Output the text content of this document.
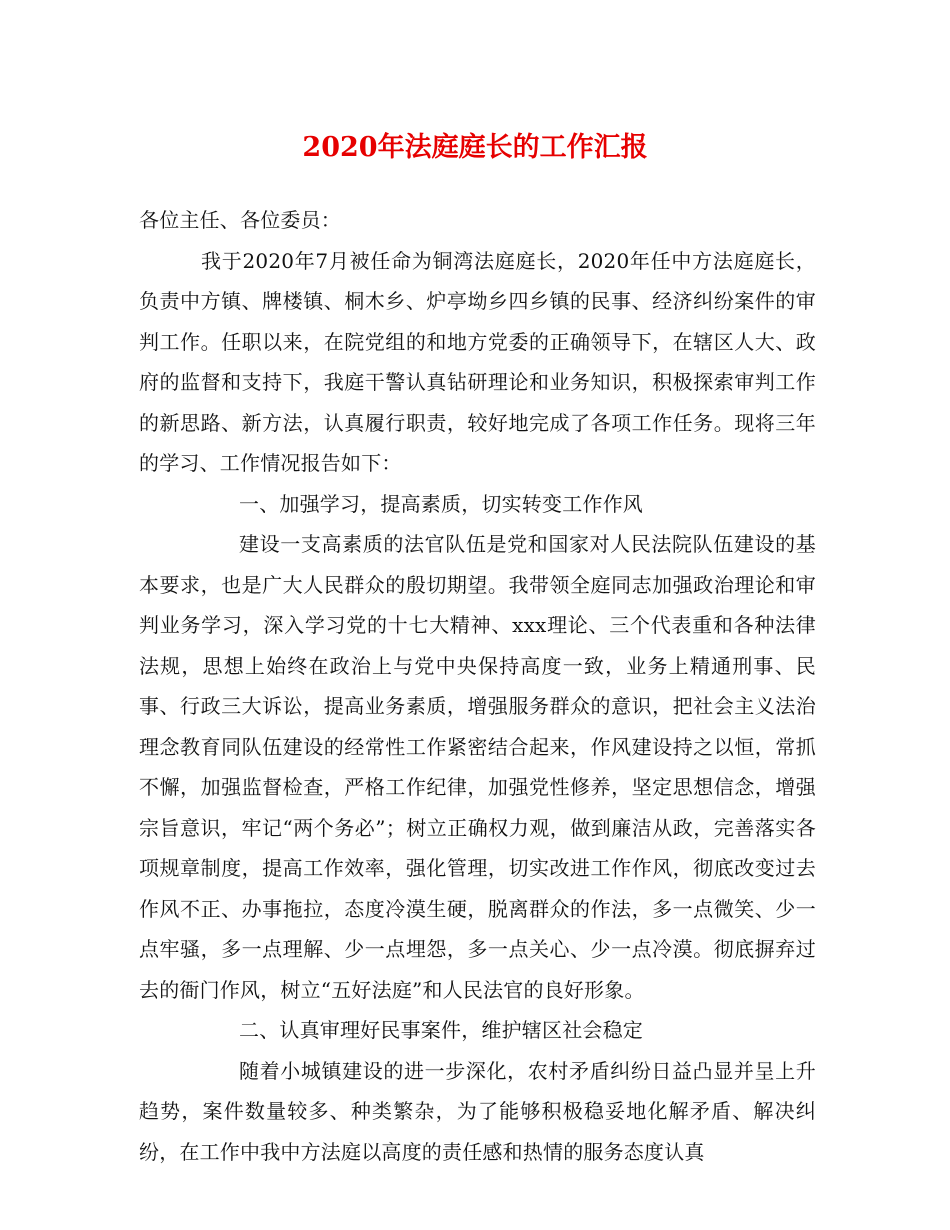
2020年法庭庭长的工作汇报

各位主任、各位委员：

我于2020年7月被任命为铜湾法庭庭长，2020年任中方法庭庭长，负责中方镇、牌楼镇、桐木乡、炉亭坳乡四乡镇的民事、经济纠纷案件的审判工作。任职以来，在院党组的和地方党委的正确领导下，在辖区人大、政府的监督和支持下，我庭干警认真钻研理论和业务知识，积极探索审判工作的新思路、新方法，认真履行职责，较好地完成了各项工作任务。现将三年的学习、工作情况报告如下：

一、加强学习，提高素质，切实转变工作作风

建设一支高素质的法官队伍是党和国家对人民法院队伍建设的基本要求，也是广大人民群众的殷切期望。我带领全庭同志加强政治理论和审判业务学习，深入学习党的十七大精神、xxx理论、三个代表重和各种法律法规，思想上始终在政治上与党中央保持高度一致，业务上精通刑事、民事、行政三大诉讼，提高业务素质，增强服务群众的意识，把社会主义法治理念教育同队伍建设的经常性工作紧密结合起来，作风建设持之以恒，常抓不懈，加强监督检查，严格工作纪律，加强党性修养，坚定思想信念，增强宗旨意识，牢记“两个务必”；树立正确权力观，做到廉洁从政，完善落实各项规章制度，提高工作效率，强化管理，切实改进工作作风，彻底改变过去作风不正、办事拖拉，态度冷漠生硬，脱离群众的作法，多一点微笑、少一点牢骚，多一点理解、少一点埋怨，多一点关心、少一点冷漠。彻底摒弃过去的衙门作风，树立“五好法庭”和人民法官的良好形象。

二、认真审理好民事案件，维护辖区社会稳定

随着小城镇建设的进一步深化，农村矛盾纠纷日益凸显并呈上升趋势，案件数量较多、种类繁杂，为了能够积极稳妥地化解矛盾、解决纠纷，在工作中我中方法庭以高度的责任感和热情的服务态度认真
